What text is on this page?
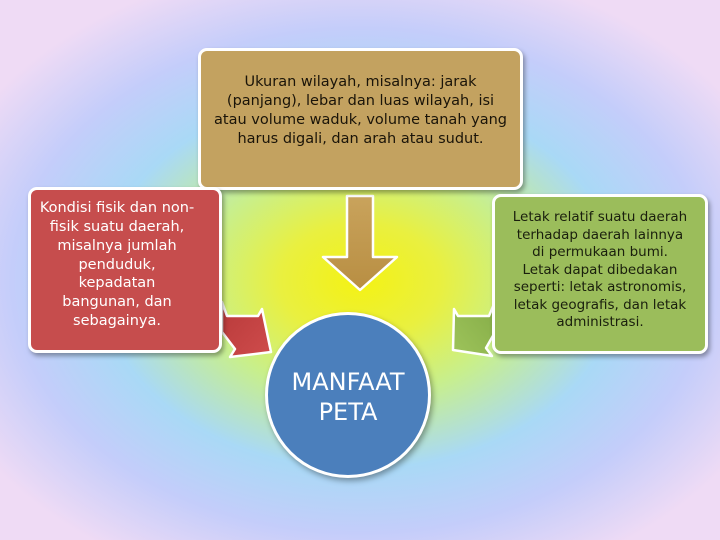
Ukuran wilayah, misalnya: jarak
(panjang), lebar dan luas wilayah, isi
atau volume waduk, volume tanah yang
harus digali, dan arah atau sudut.
Kondisi fisik dan non-
fisik suatu daerah,
misalnya jumlah
penduduk,
kepadatan
bangunan, dan
sebagainya.
Letak relatif suatu daerah
terhadap daerah lainnya
di permukaan bumi.
Letak dapat dibedakan
seperti: letak astronomis,
letak geografis, dan letak
administrasi.
MANFAAT
PETA
